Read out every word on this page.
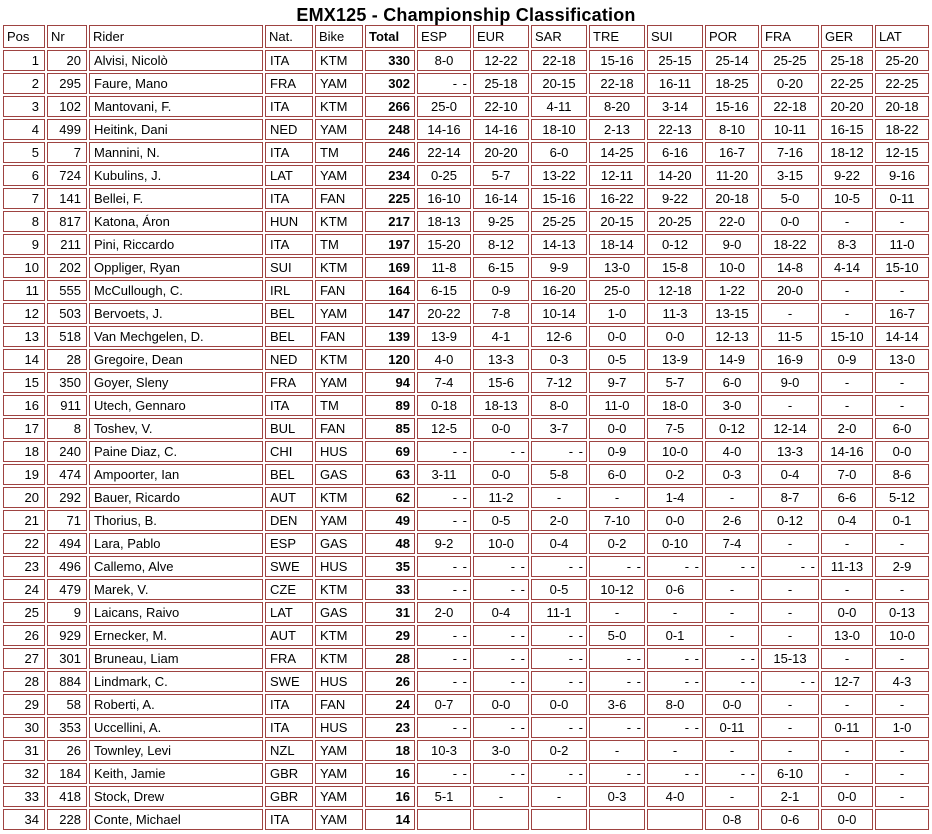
EMX125 - Championship Classification
Pos	Nr	Rider	Nat.	Bike	Total	ESP	EUR	SAR	TRE	SUI	POR	FRA	GER	LAT
1	20	Alvisi, Nicolò	ITA	KTM	330	8-0	12-22	22-18	15-16	25-15	25-14	25-25	25-18	25-20
2	295	Faure, Mano	FRA	YAM	302	- -	25-18	20-15	22-18	16-11	18-25	0-20	22-25	22-25
3	102	Mantovani, F.	ITA	KTM	266	25-0	22-10	4-11	8-20	3-14	15-16	22-18	20-20	20-18
4	499	Heitink, Dani	NED	YAM	248	14-16	14-16	18-10	2-13	22-13	8-10	10-11	16-15	18-22
5	7	Mannini, N.	ITA	TM	246	22-14	20-20	6-0	14-25	6-16	16-7	7-16	18-12	12-15
6	724	Kubulins, J.	LAT	YAM	234	0-25	5-7	13-22	12-11	14-20	11-20	3-15	9-22	9-16
7	141	Bellei, F.	ITA	FAN	225	16-10	16-14	15-16	16-22	9-22	20-18	5-0	10-5	0-11
8	817	Katona, Áron	HUN	KTM	217	18-13	9-25	25-25	20-15	20-25	22-0	0-0	-	-
9	211	Pini, Riccardo	ITA	TM	197	15-20	8-12	14-13	18-14	0-12	9-0	18-22	8-3	11-0
10	202	Oppliger, Ryan	SUI	KTM	169	11-8	6-15	9-9	13-0	15-8	10-0	14-8	4-14	15-10
11	555	McCullough, C.	IRL	FAN	164	6-15	0-9	16-20	25-0	12-18	1-22	20-0	-	-
12	503	Bervoets, J.	BEL	YAM	147	20-22	7-8	10-14	1-0	11-3	13-15	-	-	16-7
13	518	Van Mechgelen, D.	BEL	FAN	139	13-9	4-1	12-6	0-0	0-0	12-13	11-5	15-10	14-14
14	28	Gregoire, Dean	NED	KTM	120	4-0	13-3	0-3	0-5	13-9	14-9	16-9	0-9	13-0
15	350	Goyer, Sleny	FRA	YAM	94	7-4	15-6	7-12	9-7	5-7	6-0	9-0	-	-
16	911	Utech, Gennaro	ITA	TM	89	0-18	18-13	8-0	11-0	18-0	3-0	-	-	-
17	8	Toshev, V.	BUL	FAN	85	12-5	0-0	3-7	0-0	7-5	0-12	12-14	2-0	6-0
18	240	Paine Diaz, C.	CHI	HUS	69	- -	- -	- -	0-9	10-0	4-0	13-3	14-16	0-0
19	474	Ampoorter, Ian	BEL	GAS	63	3-11	0-0	5-8	6-0	0-2	0-3	0-4	7-0	8-6
20	292	Bauer, Ricardo	AUT	KTM	62	- -	11-2	-	-	1-4	-	8-7	6-6	5-12
21	71	Thorius, B.	DEN	YAM	49	- -	0-5	2-0	7-10	0-0	2-6	0-12	0-4	0-1
22	494	Lara, Pablo	ESP	GAS	48	9-2	10-0	0-4	0-2	0-10	7-4	-	-	-
23	496	Callemo, Alve	SWE	HUS	35	- -	- -	- -	- -	- -	- -	- -	11-13	2-9
24	479	Marek, V.	CZE	KTM	33	- -	- -	0-5	10-12	0-6	-	-	-	-
25	9	Laicans, Raivo	LAT	GAS	31	2-0	0-4	11-1	-	-	-	-	0-0	0-13
26	929	Ernecker, M.	AUT	KTM	29	- -	- -	- -	5-0	0-1	-	-	13-0	10-0
27	301	Bruneau, Liam	FRA	KTM	28	- -	- -	- -	- -	- -	- -	15-13	-	-
28	884	Lindmark, C.	SWE	HUS	26	- -	- -	- -	- -	- -	- -	- -	12-7	4-3
29	58	Roberti, A.	ITA	FAN	24	0-7	0-0	0-0	3-6	8-0	0-0	-	-	-
30	353	Uccellini, A.	ITA	HUS	23	- -	- -	- -	- -	- -	0-11	-	0-11	1-0
31	26	Townley, Levi	NZL	YAM	18	10-3	3-0	0-2	-	-	-	-	-	-
32	184	Keith, Jamie	GBR	YAM	16	- -	- -	- -	- -	- -	- -	6-10	-	-
33	418	Stock, Drew	GBR	YAM	16	5-1	-	-	0-3	4-0	-	2-1	0-0	-
34	228	Conte, Michael	ITA	YAM	14						0-8	0-6	0-0	
